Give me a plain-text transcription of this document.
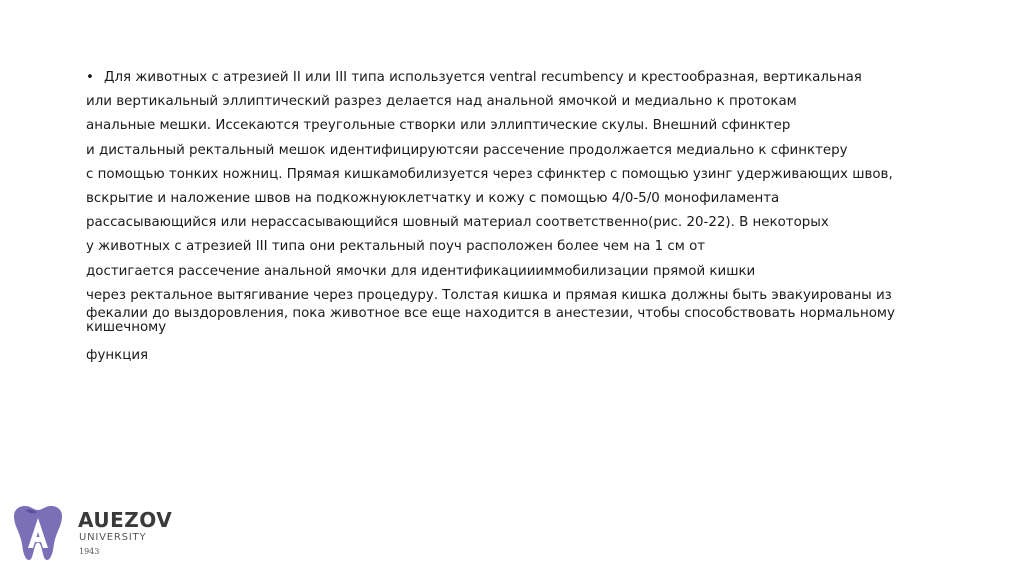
• Для животных с атрезией II или III типа используется ventral recumbency и крестообразная, вертикальная
или вертикальный эллиптический разрез делается над анальной ямочкой и медиально к протокам
анальные мешки. Иссекаются треугольные створки или эллиптические скулы. Внешний сфинктер
и дистальный ректальный мешок идентифицируютсяи рассечение продолжается медиально к сфинктеру
с помощью тонких ножниц. Прямая кишкамобилизуется через сфинктер с помощью узинг удерживающих швов,
вскрытие и наложение швов на подкожнуюклетчатку и кожу с помощью 4/0-5/0 монофиламента
рассасывающийся или нерассасывающийся шовный материал соответственно(рис. 20-22). В некоторых
у животных с атрезией III типа они ректальный поуч расположен более чем на 1 см от
достигается рассечение анальной ямочки для идентификациииммобилизации прямой кишки
через ректальное вытягивание через процедуру. Толстая кишка и прямая кишка должны быть эвакуированы из
фекалии до выздоровления, пока животное все еще находится в анестезии, чтобы способствовать нормальному
кишечному
функция
AUEZOV
UNIVERSITY
1943
